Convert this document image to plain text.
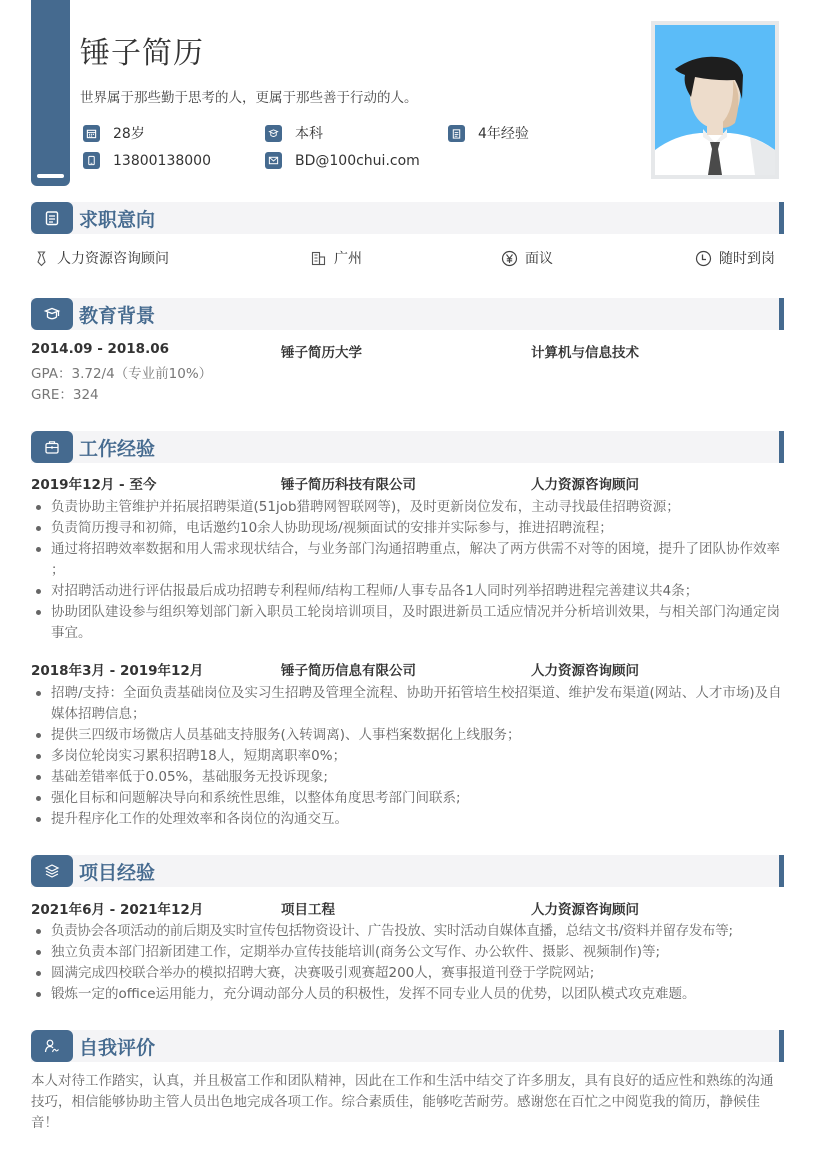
锤子简历
世界属于那些勤于思考的人，更属于那些善于行动的人。
28岁	本科	4年经验
13800138000	BD@100chui.com
求职意向
人力资源咨询顾问	广州	面议	随时到岗
教育背景
2014.09 - 2018.06	锤子简历大学	计算机与信息技术
GPA：3.72/4（专业前10%）
GRE：324
工作经验
2019年12月 - 至今	锤子简历科技有限公司	人力资源咨询顾问
负责协助主管维护并拓展招聘渠道(51job猎聘网智联网等)，及时更新岗位发布，主动寻找最佳招聘资源；
负责简历搜寻和初筛，电话邀约10余人协助现场/视频面试的安排并实际参与，推进招聘流程；
通过将招聘效率数据和用人需求现状结合，与业务部门沟通招聘重点，解决了两方供需不对等的困境，提升了团队协作效率 ；
对招聘活动进行评估报最后成功招聘专利程师/结构工程师/人事专品各1人同时列举招聘进程完善建议共4条；
协助团队建设参与组织筹划部门新入职员工轮岗培训项目，及时跟进新员工适应情况并分析培训效果，与相关部门沟通定岗事宜。
2018年3月 - 2019年12月	锤子简历信息有限公司	人力资源咨询顾问
招聘/支持：全面负责基础岗位及实习生招聘及管理全流程、协助开拓管培生校招渠道、维护发布渠道(网站、人才市场)及自媒体招聘信息；
提供三四级市场微店人员基础支持服务(入转调离)、人事档案数据化上线服务；
多岗位轮岗实习累积招聘18人，短期离职率0%；
基础差错率低于0.05%，基础服务无投诉现象;
强化目标和问题解决导向和系统性思维，以整体角度思考部门间联系;
提升程序化工作的处理效率和各岗位的沟通交互。
项目经验
2021年6月 - 2021年12月	项目工程	人力资源咨询顾问
负责协会各项活动的前后期及实时宣传包括物资设计、广告投放、实时活动自媒体直播，总结文书/资料并留存发布等;
独立负责本部门招新团建工作，定期举办宣传技能培训(商务公文写作、办公软件、摄影、视频制作)等;
圆满完成四校联合举办的模拟招聘大赛，决赛吸引观赛超200人，赛事报道刊登于学院网站;
锻炼一定的office运用能力，充分调动部分人员的积极性，发挥不同专业人员的优势，以团队模式攻克难题。
自我评价
本人对待工作踏实，认真，并且极富工作和团队精神，因此在工作和生活中结交了许多朋友，具有良好的适应性和熟练的沟通技巧，相信能够协助主管人员出色地完成各项工作。综合素质佳，能够吃苦耐劳。感谢您在百忙之中阅览我的简历，静候佳音！
